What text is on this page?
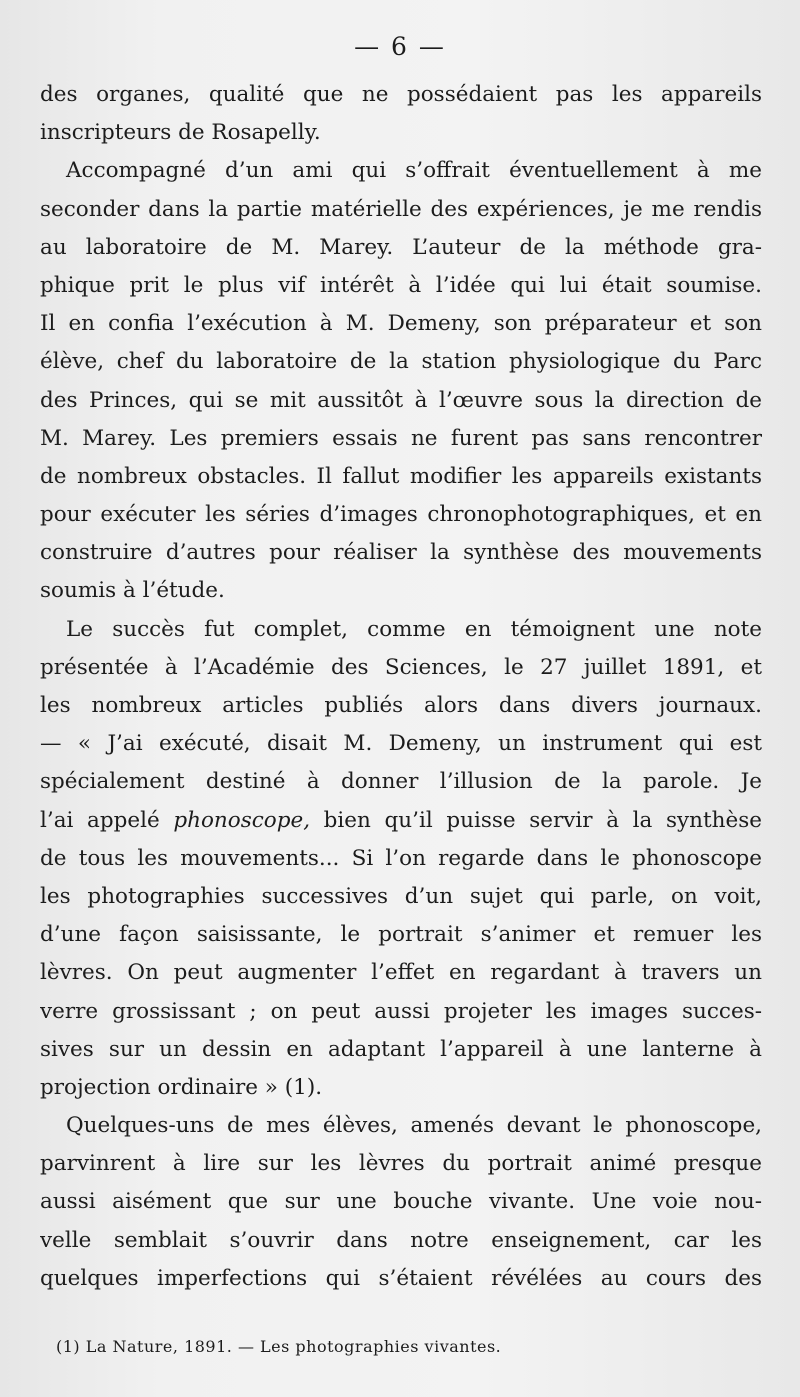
— 6 —
des organes, qualité que ne possédaient pas les appareils
inscripteurs de Rosapelly.
Accompagné d’un ami qui s’offrait éventuellement à me
seconder dans la partie matérielle des expériences, je me rendis
au laboratoire de M. Marey. L’auteur de la méthode gra-
phique prit le plus vif intérêt à l’idée qui lui était soumise.
Il en confia l’exécution à M. Demeny, son préparateur et son
élève, chef du laboratoire de la station physiologique du Parc
des Princes, qui se mit aussitôt à l’œuvre sous la direction de
M. Marey. Les premiers essais ne furent pas sans rencontrer
de nombreux obstacles. Il fallut modifier les appareils existants
pour exécuter les séries d’images chronophotographiques, et en
construire d’autres pour réaliser la synthèse des mouvements
soumis à l’étude.
Le succès fut complet, comme en témoignent une note
présentée à l’Académie des Sciences, le 27 juillet 1891, et
les nombreux articles publiés alors dans divers journaux.
— « J’ai exécuté, disait M. Demeny, un instrument qui est
spécialement destiné à donner l’illusion de la parole. Je
l’ai appelé phonoscope, bien qu’il puisse servir à la synthèse
de tous les mouvements... Si l’on regarde dans le phonoscope
les photographies successives d’un sujet qui parle, on voit,
d’une façon saisissante, le portrait s’animer et remuer les
lèvres. On peut augmenter l’effet en regardant à travers un
verre grossissant ; on peut aussi projeter les images succes-
sives sur un dessin en adaptant l’appareil à une lanterne à
projection ordinaire » (1).
Quelques-uns de mes élèves, amenés devant le phonoscope,
parvinrent à lire sur les lèvres du portrait animé presque
aussi aisément que sur une bouche vivante. Une voie nou-
velle semblait s’ouvrir dans notre enseignement, car les
quelques imperfections qui s’étaient révélées au cours des
(1) La Nature, 1891. — Les photographies vivantes.
